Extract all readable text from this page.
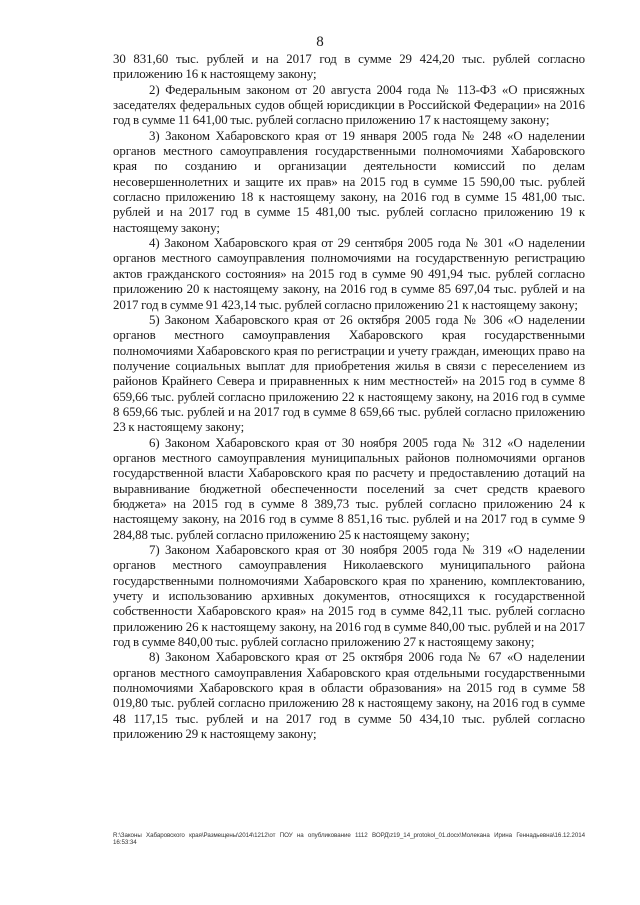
8

30 831,60 тыс. рублей и на 2017 год в сумме 29 424,20 тыс. рублей согласно приложению 16 к настоящему закону;

2) Федеральным законом от 20 августа 2004 года № 113-ФЗ «О присяжных заседателях федеральных судов общей юрисдикции в Российской Федерации» на 2016 год в сумме 11 641,00 тыс. рублей согласно приложению 17 к настоящему закону;

3) Законом Хабаровского края от 19 января 2005 года № 248 «О наделении органов местного самоуправления государственными полномочиями Хабаровского края по созданию и организации деятельности комиссий по делам несовершеннолетних и защите их прав» на 2015 год в сумме 15 590,00 тыс. рублей согласно приложению 18 к настоящему закону, на 2016 год в сумме 15 481,00 тыс. рублей и на 2017 год в сумме 15 481,00 тыс. рублей согласно приложению 19 к настоящему закону;

4) Законом Хабаровского края от 29 сентября 2005 года № 301 «О наделении органов местного самоуправления полномочиями на государственную регистрацию актов гражданского состояния» на 2015 год в сумме 90 491,94 тыс. рублей согласно приложению 20 к настоящему закону, на 2016 год в сумме 85 697,04 тыс. рублей и на 2017 год в сумме 91 423,14 тыс. рублей согласно приложению 21 к настоящему закону;

5) Законом Хабаровского края от 26 октября 2005 года № 306 «О наделении органов местного самоуправления Хабаровского края государственными полномочиями Хабаровского края по регистрации и учету граждан, имеющих право на получение социальных выплат для приобретения жилья в связи с переселением из районов Крайнего Севера и приравненных к ним местностей» на 2015 год в сумме 8 659,66 тыс. рублей согласно приложению 22 к настоящему закону, на 2016 год в сумме 8 659,66 тыс. рублей и на 2017 год в сумме 8 659,66 тыс. рублей согласно приложению 23 к настоящему закону;

6) Законом Хабаровского края от 30 ноября 2005 года № 312 «О наделении органов местного самоуправления муниципальных районов полномочиями органов государственной власти Хабаровского края по расчету и предоставлению дотаций на выравнивание бюджетной обеспеченности поселений за счет средств краевого бюджета» на 2015 год в сумме 8 389,73 тыс. рублей согласно приложению 24 к настоящему закону, на 2016 год в сумме 8 851,16 тыс. рублей и на 2017 год в сумме 9 284,88 тыс. рублей согласно приложению 25 к настоящему закону;

7) Законом Хабаровского края от 30 ноября 2005 года № 319 «О наделении органов местного самоуправления Николаевского муниципального района государственными полномочиями Хабаровского края по хранению, комплектованию, учету и использованию архивных документов, относящихся к государственной собственности Хабаровского края» на 2015 год в сумме 842,11 тыс. рублей согласно приложению 26 к настоящему закону, на 2016 год в сумме 840,00 тыс. рублей и на 2017 год в сумме 840,00 тыс. рублей согласно приложению 27 к настоящему закону;

8) Законом Хабаровского края от 25 октября 2006 года № 67 «О наделении органов местного самоуправления Хабаровского края отдельными государственными полномочиями Хабаровского края в области образования» на 2015 год в сумме 58 019,80 тыс. рублей согласно приложению 28 к настоящему закону, на 2016 год в сумме 48 117,15 тыс. рублей и на 2017 год в сумме 50 434,10 тыс. рублей согласно приложению 29 к настоящему закону;

R:\Законы Хабаровского края\Размещены\2014\1212\от ПОУ на опубликование 1112 ВОРД\z19_14_protokol_01.docx\Молекана Ирина Геннадьевна\16.12.2014 16:53:34
